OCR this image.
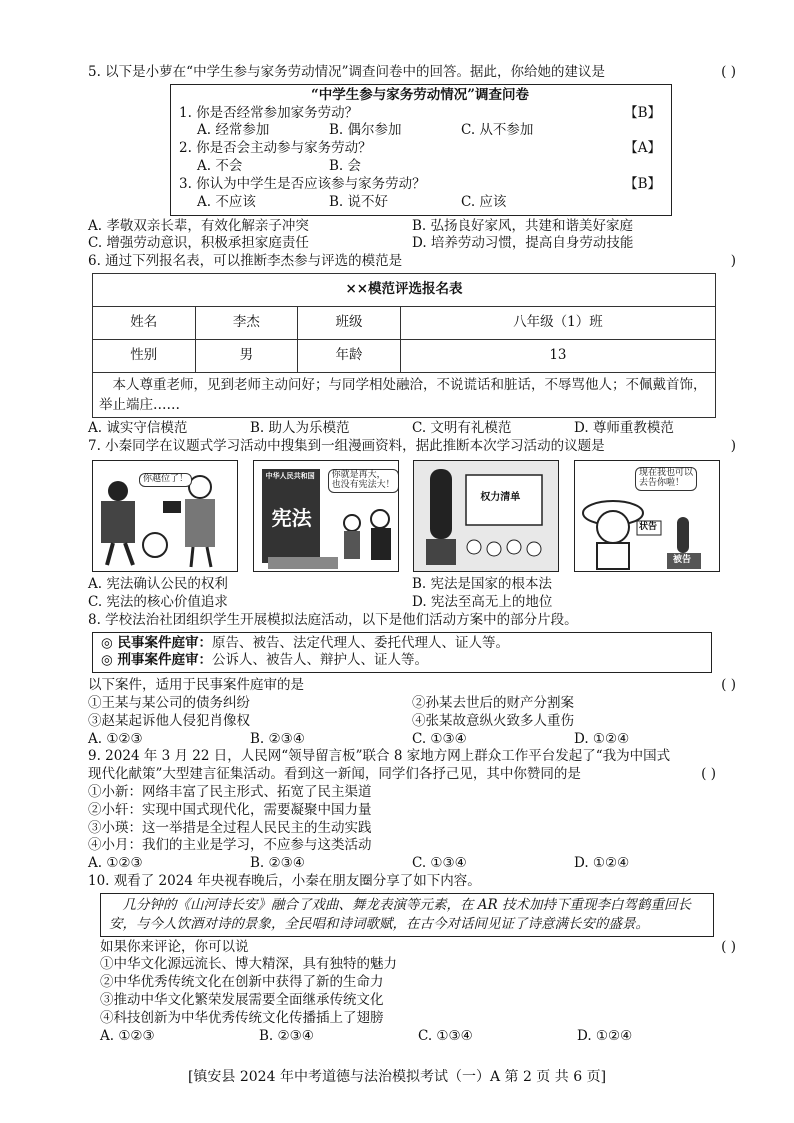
5. 以下是小萝在“中学生参与家务劳动情况”调查问卷中的回答。据此，你给她的建议是	( )
“中学生参与家务劳动情况”调查问卷
1. 你是否经常参加家务劳动？	【B】
A. 经常参加	B. 偶尔参加	C. 从不参加
2. 你是否会主动参与家务劳动？	【A】
A. 不会	B. 会
3. 你认为中学生是否应该参与家务劳动？	【B】
A. 不应该	B. 说不好	C. 应该
A. 孝敬双亲长辈，有效化解亲子冲突	B. 弘扬良好家风，共建和谐美好家庭
C. 增强劳动意识，积极承担家庭责任	D. 培养劳动习惯，提高自身劳动技能
6. 通过下列报名表，可以推断李杰参与评选的模范是	)
××模范评选报名表			
姓名	李杰	班级	八年级（1）班
性别	男	年龄	13
 本人尊重老师，见到老师主动问好；与同学相处融洽，不说谎话和脏话，不辱骂他人；不佩戴首饰，举止端庄……			
A. 诚实守信模范	B. 助人为乐模范	C. 文明有礼模范	D. 尊师重教模范
7. 小秦同学在议题式学习活动中搜集到一组漫画资料，据此推断本次学习活动的议题是	)
你越位了！	中华人民共和国
宪法
你就是再大，
也没有宪法大！
权力清单
现在我也可以
去告你啦！
状告
被告
A. 宪法确认公民的权利	B. 宪法是国家的根本法
C. 宪法的核心价值追求	D. 宪法至高无上的地位
8. 学校法治社团组织学生开展模拟法庭活动，以下是他们活动方案中的部分片段。
◎ 民事案件庭审：原告、被告、法定代理人、委托代理人、证人等。
◎ 刑事案件庭审：公诉人、被告人、辩护人、证人等。
以下案件，适用于民事案件庭审的是	( )
①王某与某公司的债务纠纷	②孙某去世后的财产分割案
③赵某起诉他人侵犯肖像权	④张某故意纵火致多人重伤
A. ①②③	B. ②③④	C. ①③④	D. ①②④
9. 2024 年 3 月 22 日，人民网“领导留言板”联合 8 家地方网上群众工作平台发起了“我为中国式
现代化献策”大型建言征集活动。看到这一新闻，同学们各抒己见，其中你赞同的是	( )
①小新：网络丰富了民主形式、拓宽了民主渠道
②小轩：实现中国式现代化，需要凝聚中国力量
③小瑛：这一举措是全过程人民民主的生动实践
④小月：我们的主业是学习，不应参与这类活动
A. ①②③	B. ②③④	C. ①③④	D. ①②④
10. 观看了 2024 年央视春晚后，小秦在朋友圈分享了如下内容。
 几分钟的《山河诗长安》融合了戏曲、舞龙表演等元素，在 AR 技术加持下重现李白驾鹤重回长安，与今人饮酒对诗的景象，全民唱和诗词歌赋，在古今对话间见证了诗意满长安的盛景。
如果你来评论，你可以说	( )
①中华文化源远流长、博大精深，具有独特的魅力
②中华优秀传统文化在创新中获得了新的生命力
③推动中华文化繁荣发展需要全面继承传统文化
④科技创新为中华优秀传统文化传播插上了翅膀
A. ①②③	B. ②③④	C. ①③④	D. ①②④
[镇安县 2024 年中考道德与法治模拟考试（一）A 第 2 页 共 6 页]
